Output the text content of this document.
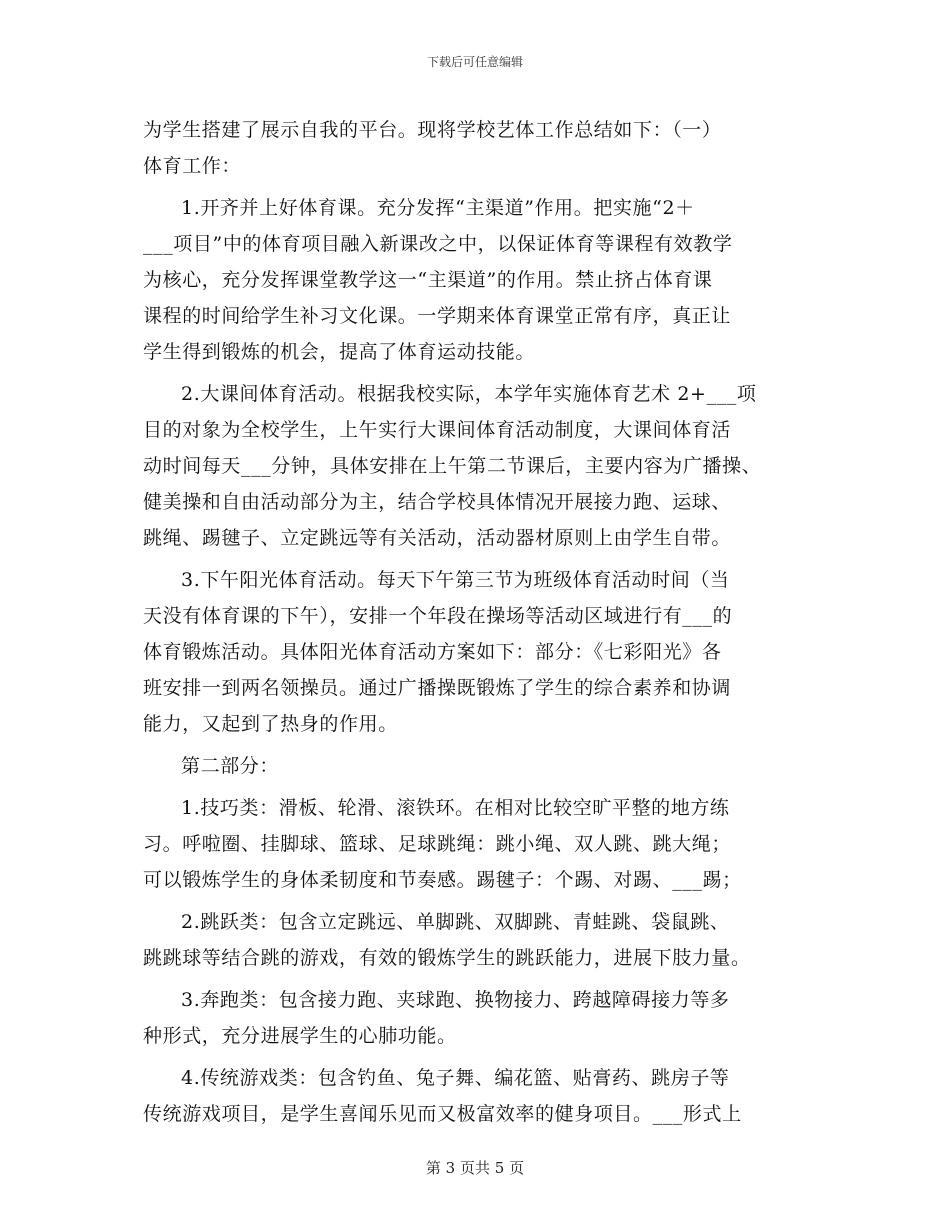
下载后可任意编辑
为学生搭建了展示自我的平台。现将学校艺体工作总结如下：（一）
体育工作：
1.开齐并上好体育课。充分发挥“主渠道”作用。把实施“2＋
___项目”中的体育项目融入新课改之中，以保证体育等课程有效教学
为核心，充分发挥课堂教学这一“主渠道”的作用。禁止挤占体育课
课程的时间给学生补习文化课。一学期来体育课堂正常有序，真正让
学生得到锻炼的机会，提高了体育运动技能。
2.大课间体育活动。根据我校实际，本学年实施体育艺术 2+___项
目的对象为全校学生，上午实行大课间体育活动制度，大课间体育活
动时间每天___分钟，具体安排在上午第二节课后，主要内容为广播操、
健美操和自由活动部分为主，结合学校具体情况开展接力跑、运球、
跳绳、踢毽子、立定跳远等有关活动，活动器材原则上由学生自带。
3.下午阳光体育活动。每天下午第三节为班级体育活动时间（当
天没有体育课的下午），安排一个年段在操场等活动区域进行有___的
体育锻炼活动。具体阳光体育活动方案如下：部分：《七彩阳光》各
班安排一到两名领操员。通过广播操既锻炼了学生的综合素养和协调
能力，又起到了热身的作用。
第二部分：
1.技巧类：滑板、轮滑、滚铁环。在相对比较空旷平整的地方练
习。呼啦圈、挂脚球、篮球、足球跳绳：跳小绳、双人跳、跳大绳；
可以锻炼学生的身体柔韧度和节奏感。踢毽子：个踢、对踢、___踢；
2.跳跃类：包含立定跳远、单脚跳、双脚跳、青蛙跳、袋鼠跳、
跳跳球等结合跳的游戏，有效的锻炼学生的跳跃能力，进展下肢力量。
3.奔跑类：包含接力跑、夹球跑、换物接力、跨越障碍接力等多
种形式，充分进展学生的心肺功能。
4.传统游戏类：包含钓鱼、兔子舞、编花篮、贴膏药、跳房子等
传统游戏项目，是学生喜闻乐见而又极富效率的健身项目。___形式上
第 3 页共 5 页
